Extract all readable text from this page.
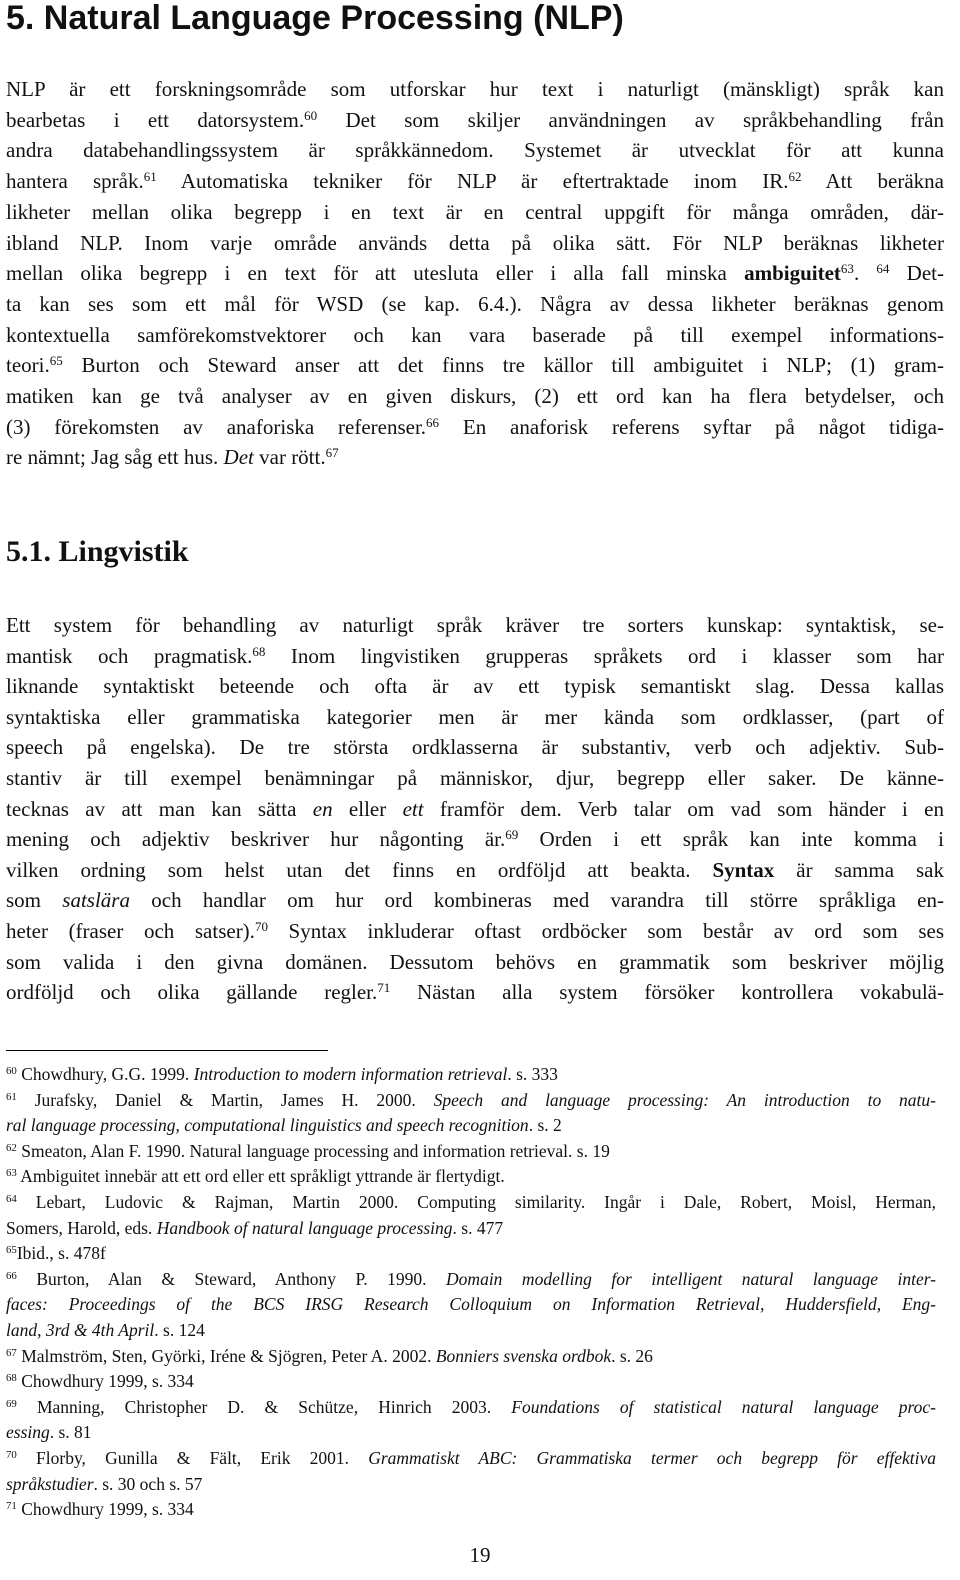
5. Natural Language Processing (NLP)
NLP är ett forskningsområde som utforskar hur text i naturligt (mänskligt) språk kan
bearbetas i ett datorsystem.$^{60}$ Det som skiljer användningen av språkbehandling från
andra databehandlingssystem är språkkännedom. Systemet är utvecklat för att kunna
hantera språk.$^{61}$ Automatiska tekniker för NLP är eftertraktade inom IR.$^{62}$ Att beräkna
likheter mellan olika begrepp i en text är en central uppgift för många områden, där-
ibland NLP. Inom varje område används detta på olika sätt. För NLP beräknas likheter
mellan olika begrepp i en text för att utesluta eller i alla fall minska ambiguitet$^{63}$. $^{64}$ Det-
ta kan ses som ett mål för WSD (se kap. 6.4.). Några av dessa likheter beräknas genom
kontextuella samförekomstvektorer och kan vara baserade på till exempel informations-
teori.$^{65}$ Burton och Steward anser att det finns tre källor till ambiguitet i NLP; (1) gram-
matiken kan ge två analyser av en given diskurs, (2) ett ord kan ha flera betydelser, och
(3) förekomsten av anaforiska referenser.$^{66}$ En anaforisk referens syftar på något tidiga-
re nämnt; Jag såg ett hus. Det var rött.$^{67}$
5.1. Lingvistik
Ett system för behandling av naturligt språk kräver tre sorters kunskap: syntaktisk, se-
mantisk och pragmatisk.$^{68}$ Inom lingvistiken grupperas språkets ord i klasser som har
liknande syntaktiskt beteende och ofta är av ett typisk semantiskt slag. Dessa kallas
syntaktiska eller grammatiska kategorier men är mer kända som ordklasser, (part of
speech på engelska). De tre största ordklasserna är substantiv, verb och adjektiv. Sub-
stantiv är till exempel benämningar på människor, djur, begrepp eller saker. De känne-
tecknas av att man kan sätta en eller ett framför dem. Verb talar om vad som händer i en
mening och adjektiv beskriver hur någonting är.$^{69}$ Orden i ett språk kan inte komma i
vilken ordning som helst utan det finns en ordföljd att beakta. Syntax är samma sak
som satslära och handlar om hur ord kombineras med varandra till större språkliga en-
heter (fraser och satser).$^{70}$ Syntax inkluderar oftast ordböcker som består av ord som ses
som valida i den givna domänen. Dessutom behövs en grammatik som beskriver möjlig
ordföljd och olika gällande regler.$^{71}$ Nästan alla system försöker kontrollera vokabulä-
$^{60}$ Chowdhury, G.G. 1999. Introduction to modern information retrieval. s. 333
$^{61}$ Jurafsky, Daniel & Martin, James H. 2000. Speech and language processing: An introduction to natu-
ral language processing, computational linguistics and speech recognition. s. 2
$^{62}$ Smeaton, Alan F. 1990. Natural language processing and information retrieval. s. 19
$^{63}$ Ambiguitet innebär att ett ord eller ett språkligt yttrande är flertydigt.
$^{64}$ Lebart, Ludovic & Rajman, Martin 2000. Computing similarity. Ingår i Dale, Robert, Moisl, Herman,
Somers, Harold, eds. Handbook of natural language processing. s. 477
$^{65}$Ibid., s. 478f
$^{66}$ Burton, Alan & Steward, Anthony P. 1990. Domain modelling for intelligent natural language inter-
faces: Proceedings of the BCS IRSG Research Colloquium on Information Retrieval, Huddersfield, Eng-
land, 3rd & 4th April. s. 124
$^{67}$ Malmström, Sten, Györki, Iréne & Sjögren, Peter A. 2002. Bonniers svenska ordbok. s. 26
$^{68}$ Chowdhury 1999, s. 334
$^{69}$ Manning, Christopher D. & Schütze, Hinrich 2003. Foundations of statistical natural language proc-
essing. s. 81
$^{70}$ Florby, Gunilla & Fält, Erik 2001. Grammatiskt ABC: Grammatiska termer och begrepp för effektiva
språkstudier. s. 30 och s. 57
$^{71}$ Chowdhury 1999, s. 334
19
